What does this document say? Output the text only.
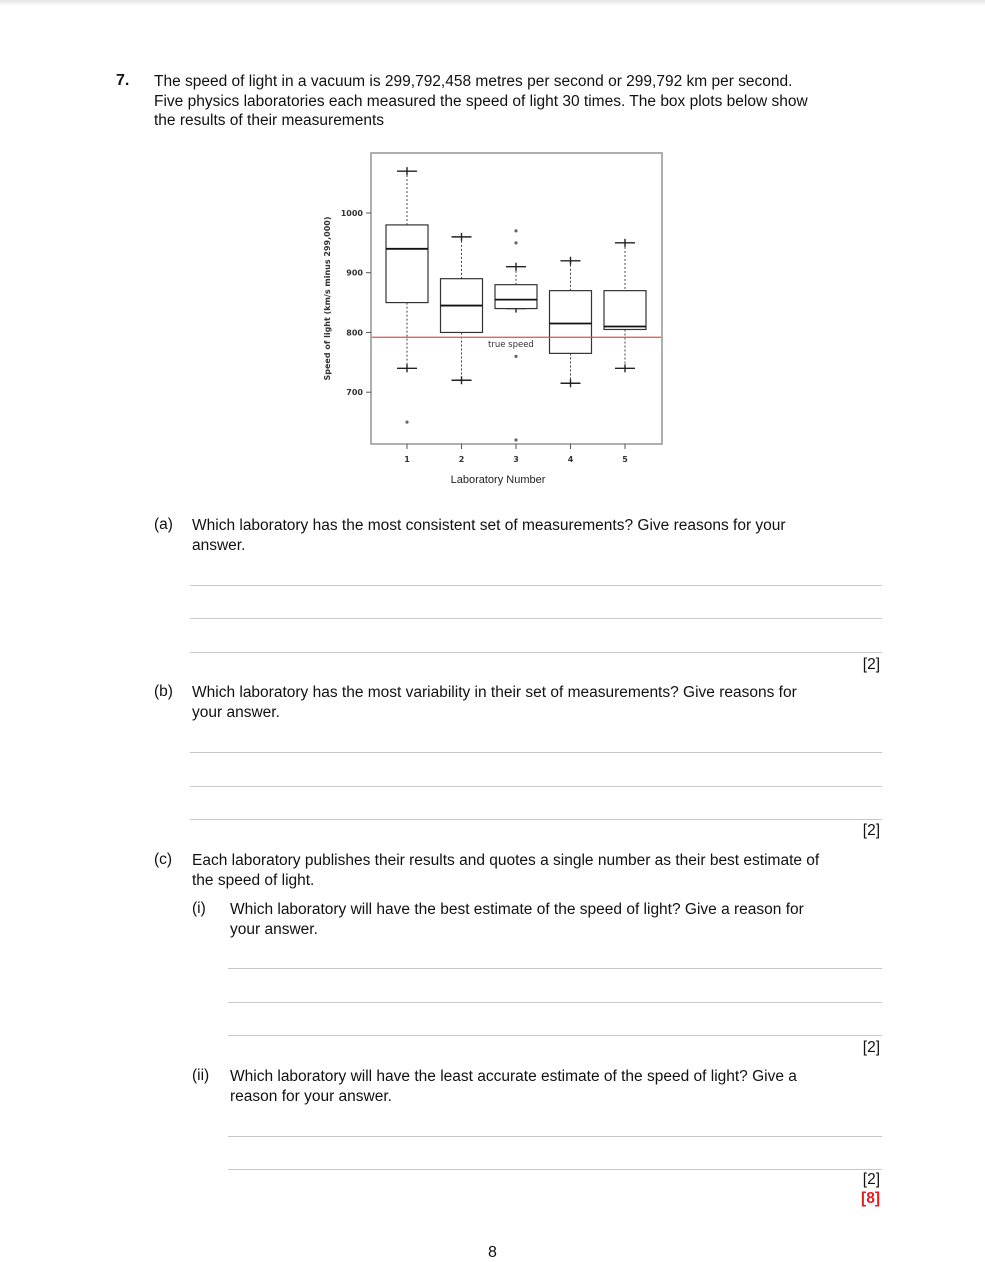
7. The speed of light in a vacuum is 299,792,458 metres per second or 299,792 km per second.
Five physics laboratories each measured the speed of light 30 times. The box plots below show
the results of their measurements
700
800
900
1000
Speed of light (km/s minus 299,000)
1	2	3	4	5
Laboratory Number
true speed
(a) Which laboratory has the most consistent set of measurements? Give reasons for your
answer.
[2]
(b) Which laboratory has the most variability in their set of measurements? Give reasons for
your answer.
[2]
(c) Each laboratory publishes their results and quotes a single number as their best estimate of
the speed of light.
(i) Which laboratory will have the best estimate of the speed of light? Give a reason for
your answer.
[2]
(ii) Which laboratory will have the least accurate estimate of the speed of light? Give a
reason for your answer.
[2]
[8]
8
